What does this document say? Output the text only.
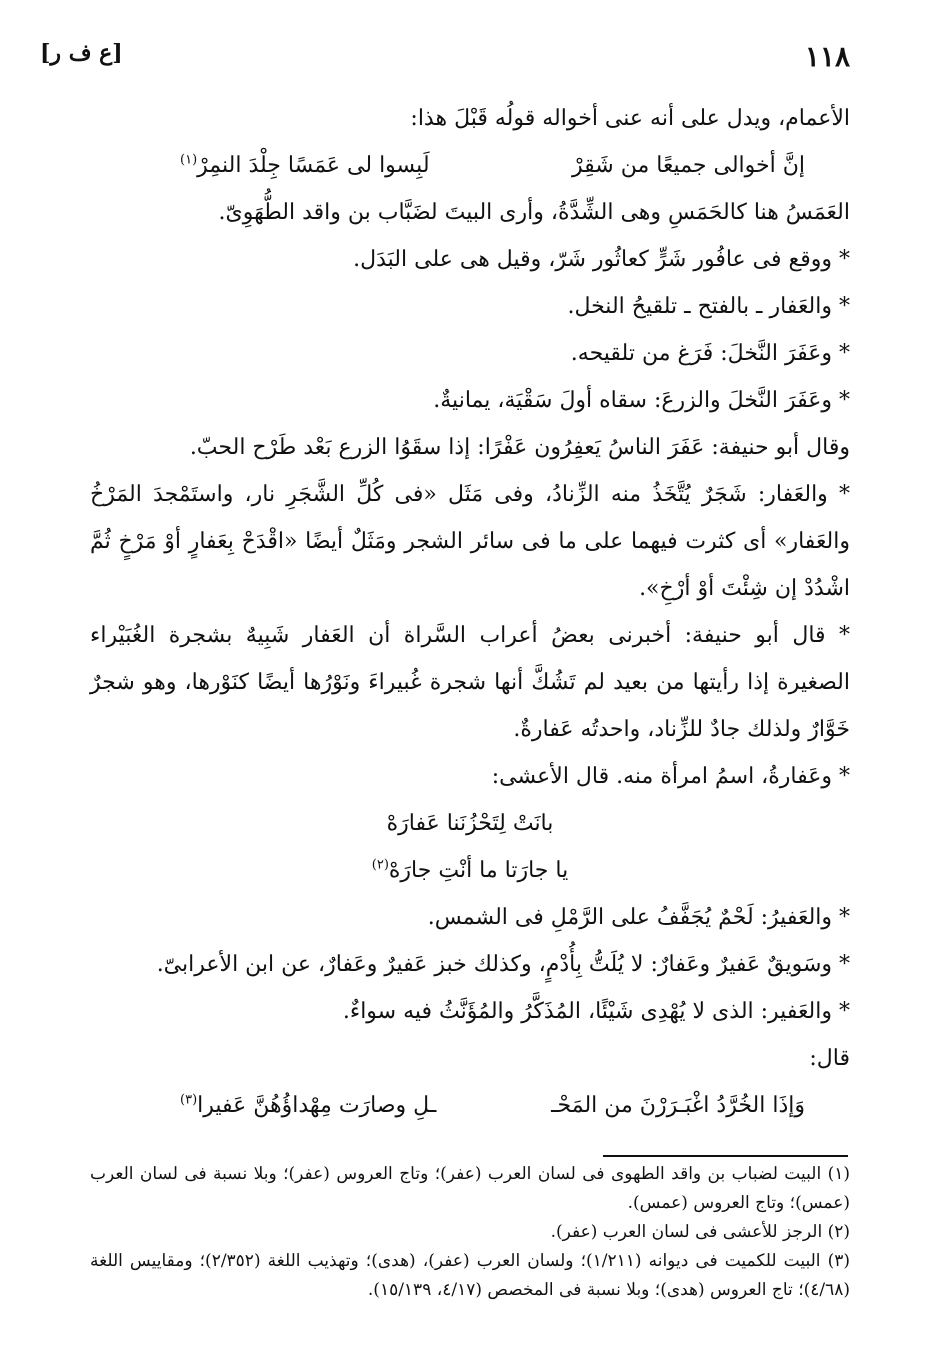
١١٨
[ع ف ر]

الأعمام، ويدل على أنه عنى أخواله قولُه قَبْلَ هذا:

إنَّ أخوالى جميعًا من شَقِرْ
لَبِسوا لى عَمَسًا جِلْدَ النمِرْ$^{(١)}$

العَمَسُ هنا كالحَمَسِ وهى الشِّدَّةُ، وأرى البيتَ لضَبَّاب بن واقد الطُّهَوِىّ.

* ووقع فى عافُور شَرٍّ كعاثُور شَرّ، وقيل هى على البَدَل.

* والعَفار ـ بالفتح ـ تلقيحُ النخل.

* وعَفَرَ النَّخلَ: فَرَغ من تلقيحه.

* وعَفَرَ النَّخلَ والزرعَ: سقاه أولَ سَقْيَة، يمانيةٌ.

وقال أبو حنيفة: عَفَرَ الناسُ يَعفِرُون عَفْرًا: إذا سقَوُا الزرع بَعْد طَرْح الحبّ.

* والعَفار: شَجَرٌ يُتَّخَذُ منه الزِّنادُ، وفى مَثَل «فى كُلِّ الشَّجَرِ نار، واستَمْجدَ المَرْخُ والعَفار» أى كثرت فيهما على ما فى سائر الشجر ومَثَلٌ أيضًا «اقْدَحْ بِعَفارٍ أوْ مَرْخٍ ثُمَّ اشْدُدْ إن شِئْتَ أوْ أرْخِ».

* قال أبو حنيفة: أخبرنى بعضُ أعراب السَّراة أن العَفار شَبِيهٌ بشجرة الغُبَيْراء الصغيرة إذا رأيتها من بعيد لم تَشُكَّ أنها شجرة غُبيراءَ ونَوْرُها أيضًا كنَوْرها، وهو شجرٌ خَوَّارٌ ولذلك جادٌ للزِّناد، واحدتُه عَفارةٌ.

* وعَفارةُ، اسمُ امرأة منه. قال الأعشى:

بانَتْ لِتَحْزُنَنا عَفارَهْ

يا جارَتا ما أنْتِ جارَهْ$^{(٢)}$

* والعَفيرُ: لَحْمٌ يُجَفَّفُ على الرَّمْلِ فى الشمس.

* وسَويقٌ عَفيرٌ وعَفارٌ: لا يُلَتُّ بِأُدْمٍ، وكذلك خبز عَفيرٌ وعَفارٌ، عن ابن الأعرابىّ.

* والعَفير: الذى لا يُهْدِى شَيْئًا، المُذَكَّرُ والمُؤَنَّثُ فيه سواءٌ.

قال:

وَإذَا الخُرَّدُ اغْبَـرَرْنَ من المَحْـ
ـلِ وصارَت مِهْداؤُهُنَّ عَفيرا$^{(٣)}$

(١) البيت لضباب بن واقد الطهوى فى لسان العرب (عفر)؛ وتاج العروس (عفر)؛ وبلا نسبة فى لسان العرب (عمس)؛ وتاج العروس (عمس).

(٢) الرجز للأعشى فى لسان العرب (عفر).

(٣) البيت للكميت فى ديوانه (١/٢١١)؛ ولسان العرب (عفر)، (هدى)؛ وتهذيب اللغة (٢/٣٥٢)؛ ومقاييس اللغة (٤/٦٨)؛ تاج العروس (هدى)؛ وبلا نسبة فى المخصص (٤/١٧، ١٥/١٣٩).
